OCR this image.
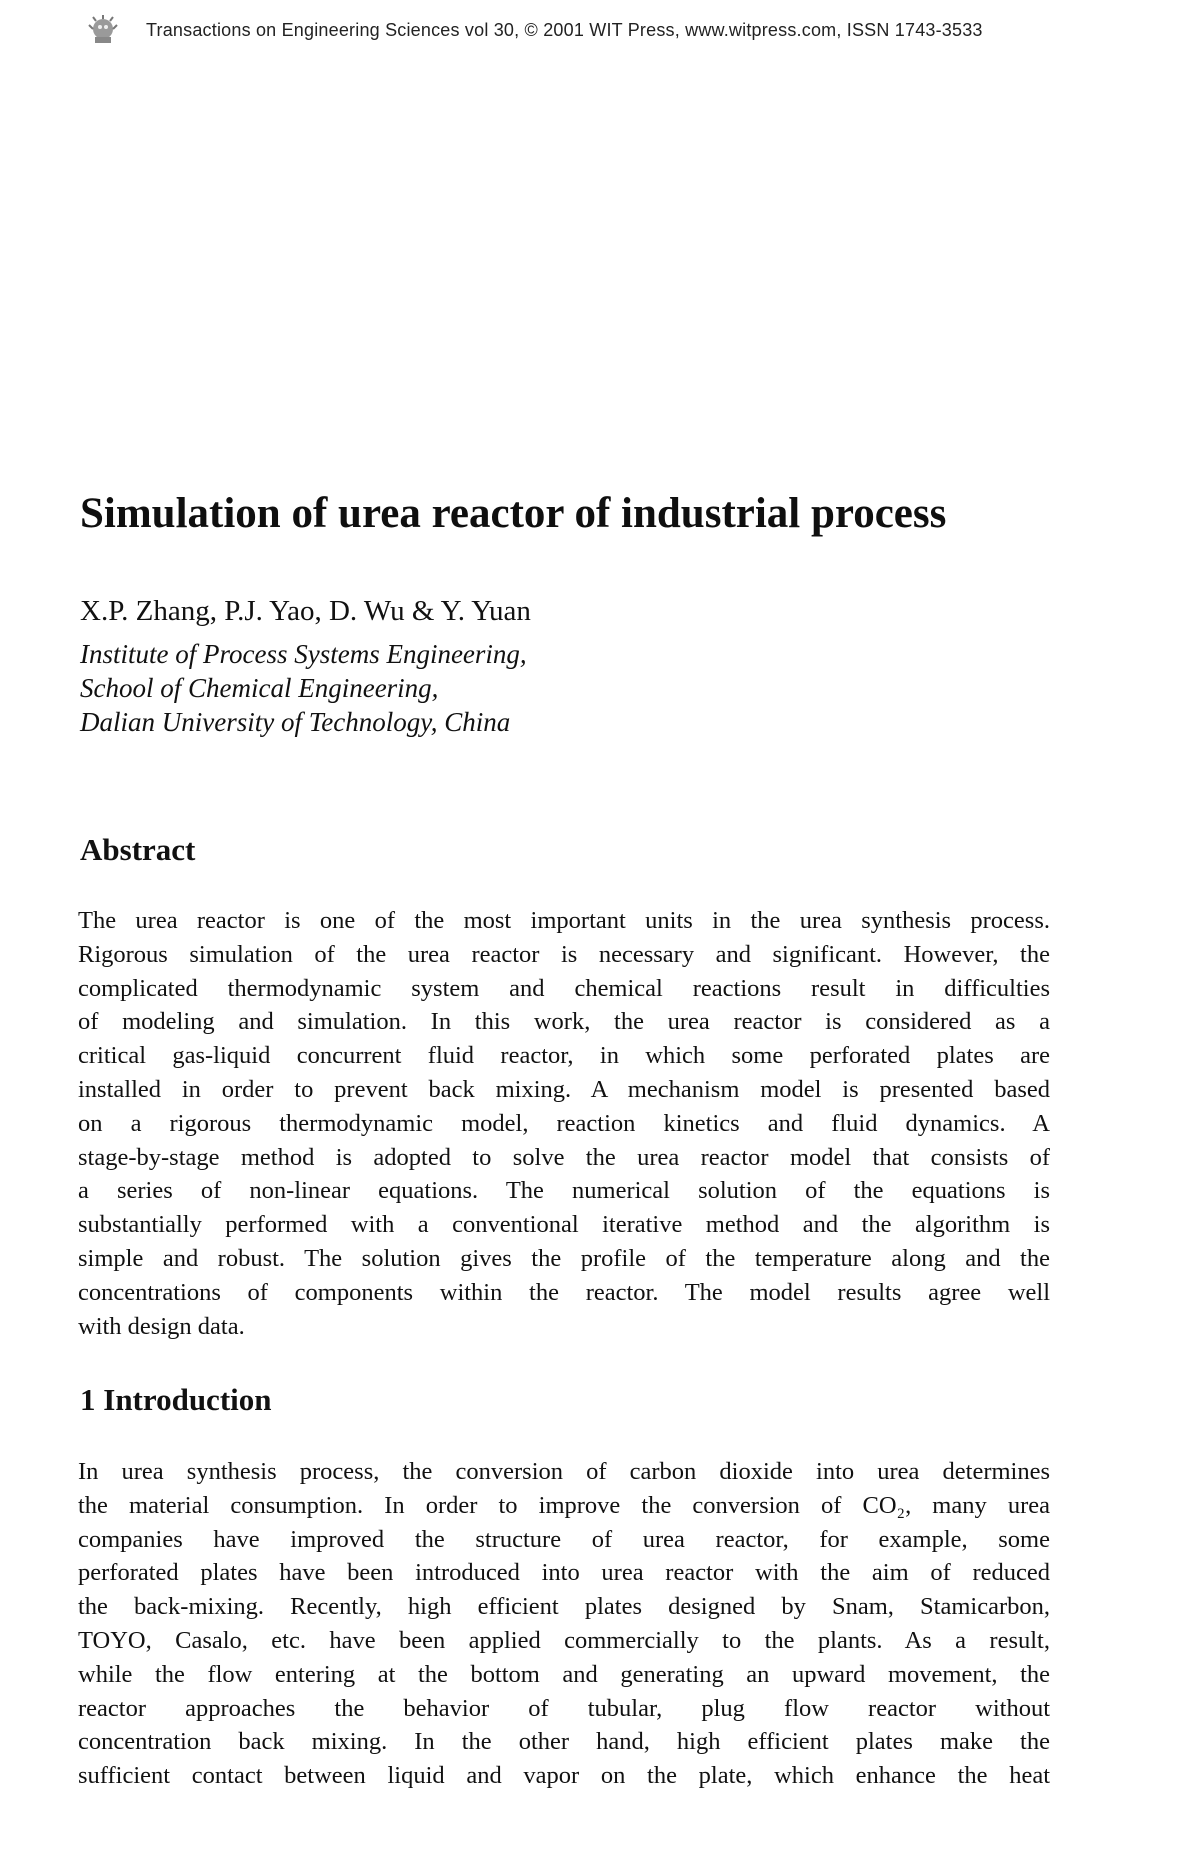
Transactions on Engineering Sciences vol 30, © 2001 WIT Press, www.witpress.com, ISSN 1743-3533
Simulation of urea reactor of industrial process
X.P. Zhang, P.J. Yao, D. Wu & Y. Yuan
Institute of Process Systems Engineering,
School of Chemical Engineering,
Dalian University of Technology, China
Abstract
The urea reactor is one of the most important units in the urea synthesis process.
Rigorous simulation of the urea reactor is necessary and significant. However, the
complicated thermodynamic system and chemical reactions result in difficulties
of modeling and simulation. In this work, the urea reactor is considered as a
critical gas-liquid concurrent fluid reactor, in which some perforated plates are
installed in order to prevent back mixing. A mechanism model is presented based
on a rigorous thermodynamic model, reaction kinetics and fluid dynamics. A
stage-by-stage method is adopted to solve the urea reactor model that consists of
a series of non-linear equations. The numerical solution of the equations is
substantially performed with a conventional iterative method and the algorithm is
simple and robust. The solution gives the profile of the temperature along and the
concentrations of components within the reactor. The model results agree well
with design data.
1 Introduction
In urea synthesis process, the conversion of carbon dioxide into urea determines
the material consumption. In order to improve the conversion of CO₂, many urea
companies have improved the structure of urea reactor, for example, some
perforated plates have been introduced into urea reactor with the aim of reduced
the back-mixing. Recently, high efficient plates designed by Snam, Stamicarbon,
TOYO, Casalo, etc. have been applied commercially to the plants. As a result,
while the flow entering at the bottom and generating an upward movement, the
reactor approaches the behavior of tubular, plug flow reactor without
concentration back mixing. In the other hand, high efficient plates make the
sufficient contact between liquid and vapor on the plate, which enhance the heat
